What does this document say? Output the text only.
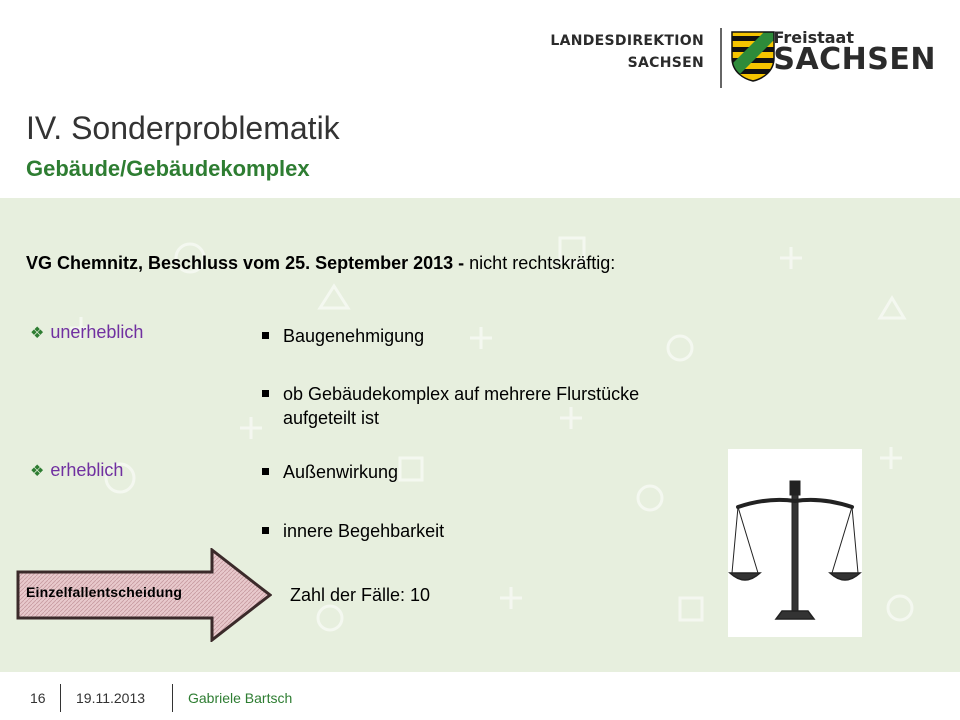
LANDESDIREKTION
SACHSEN
Freistaat
SACHSEN
IV. Sonderproblematik
Gebäude/Gebäudekomplex
VG Chemnitz, Beschluss vom 25. September 2013 - nicht rechtskräftig:
❖ unerheblich	Baugenehmigung
ob Gebäudekomplex auf mehrere Flurstücke
aufgeteilt ist
❖ erheblich	Außenwirkung
innere Begehbarkeit
Einzelfallentscheidung	Zahl der Fälle: 10
16 19.11.2013	Gabriele Bartsch
